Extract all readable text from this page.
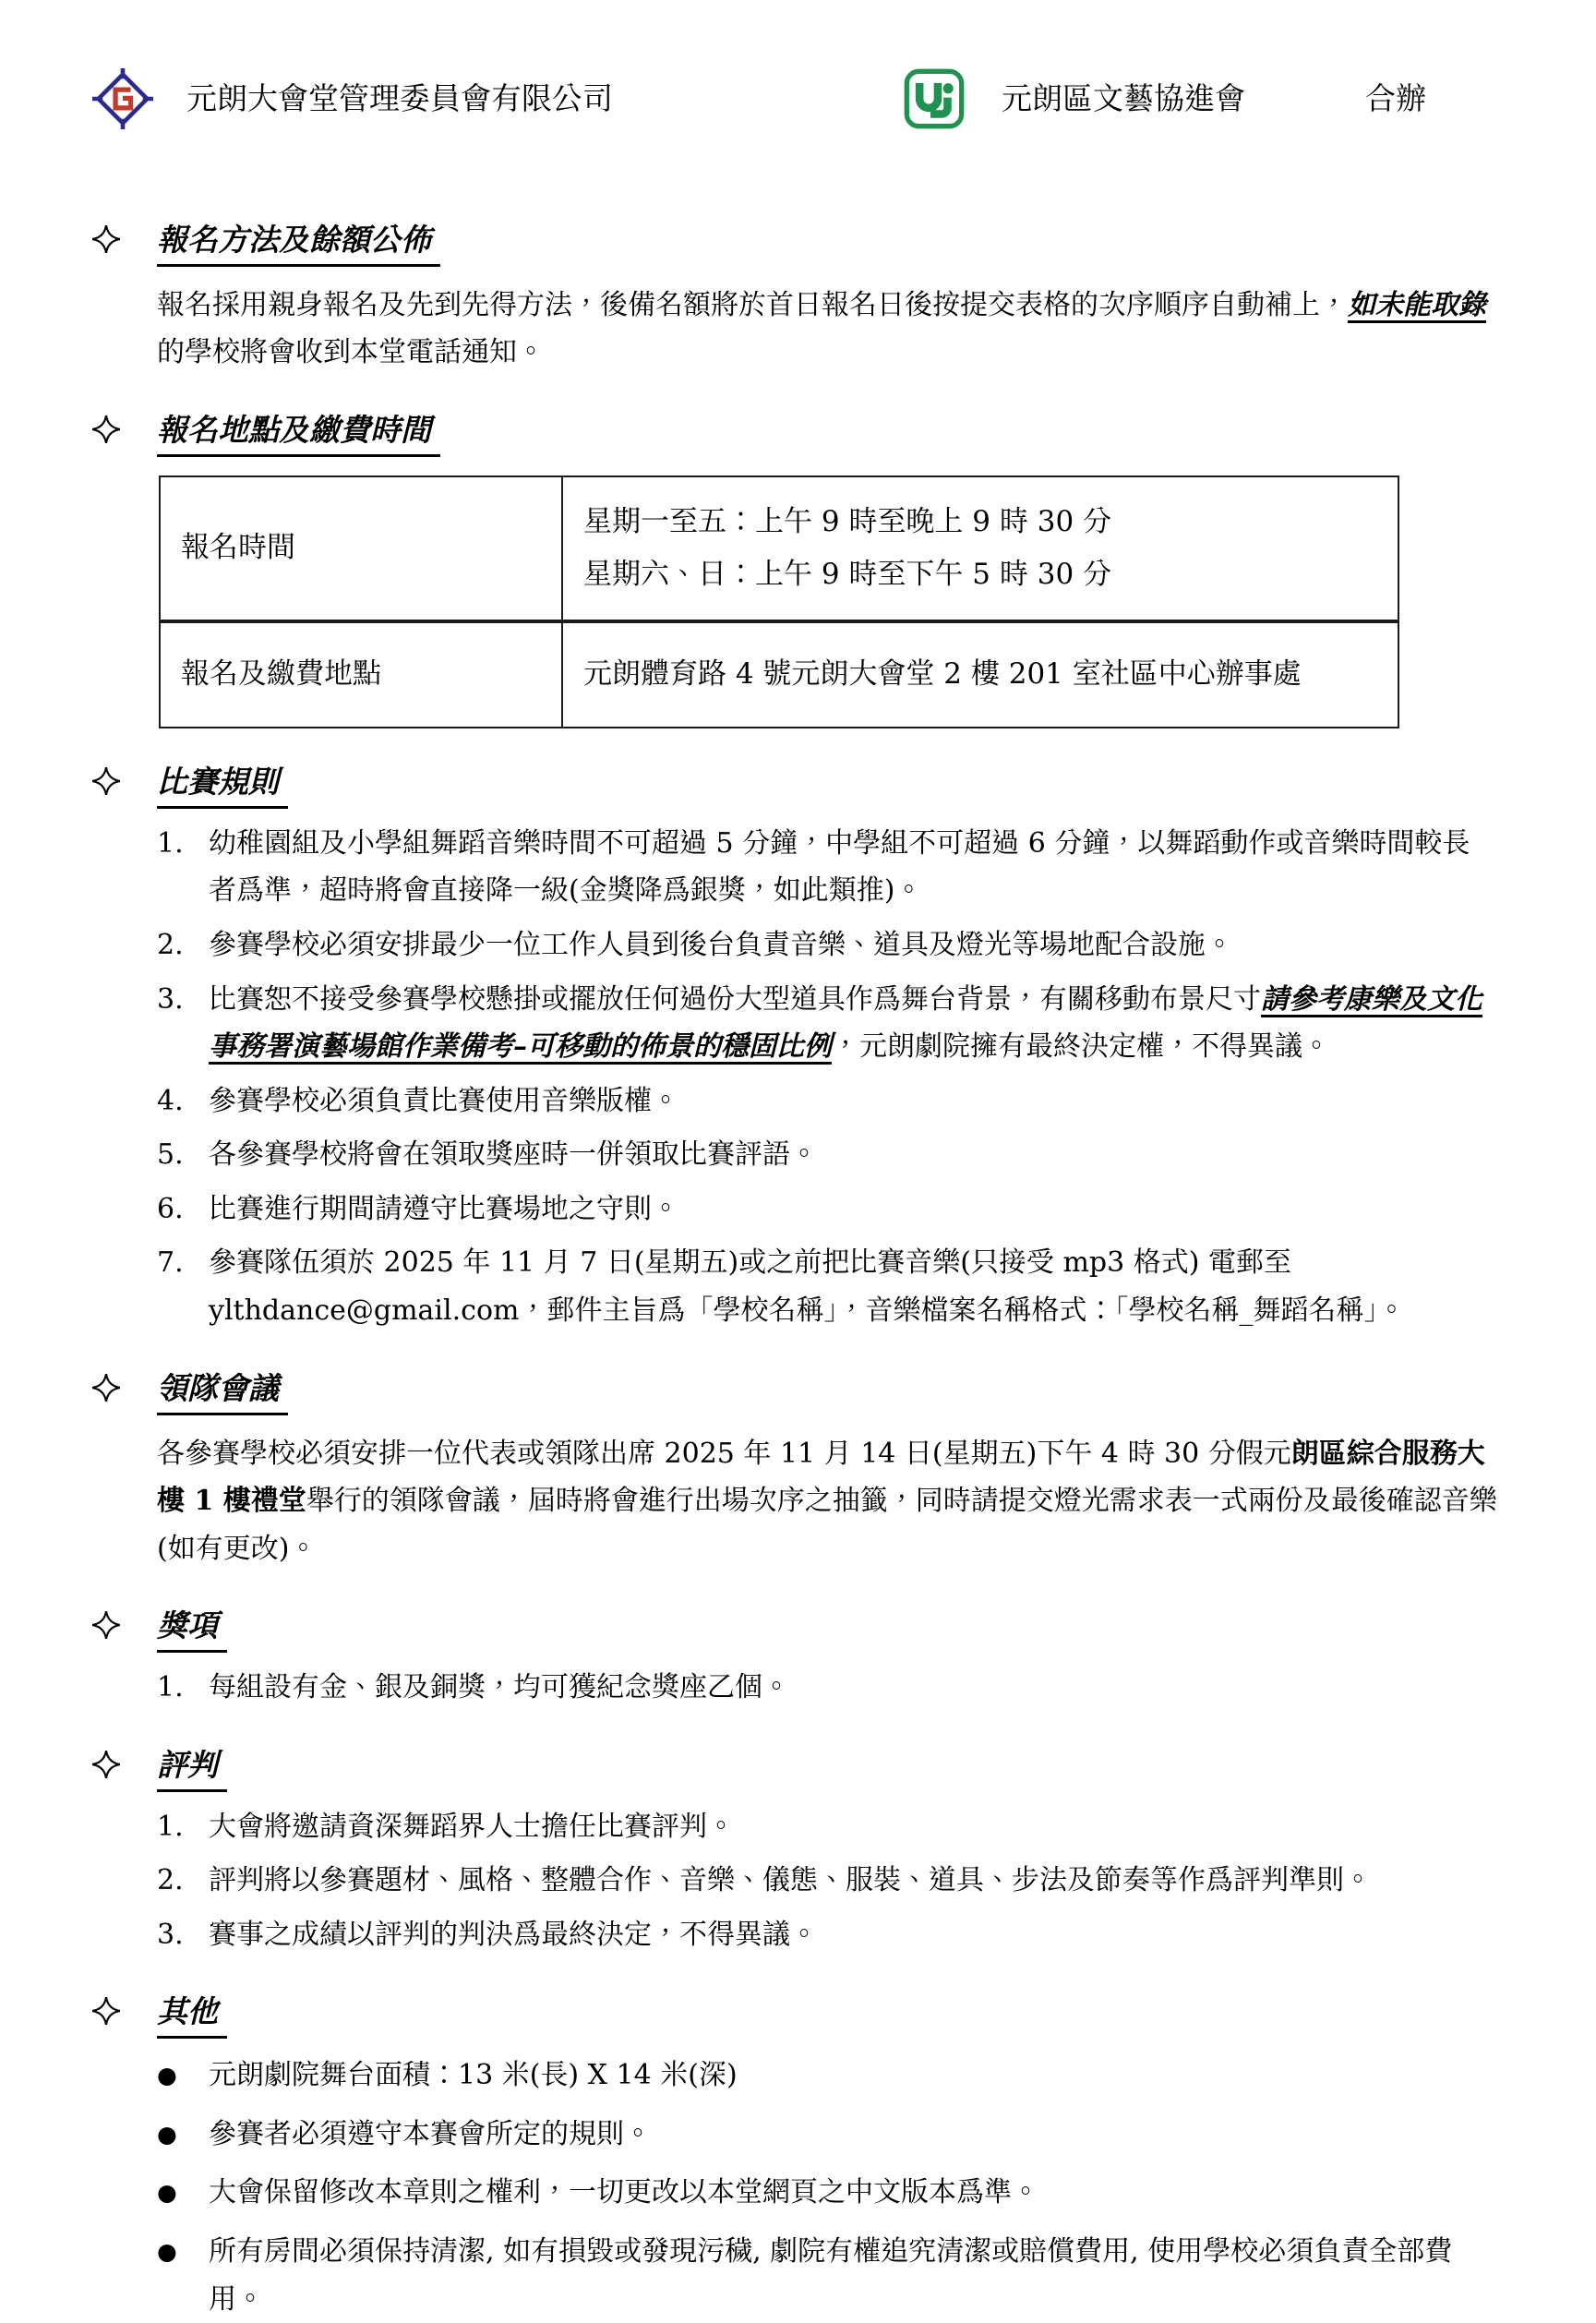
元朗大會堂管理委員會有限公司	元朗區文藝協進會	合辦
報名方法及餘額公佈

報名採用親身報名及先到先得方法，後備名額將於首日報名日後按提交表格的次序順序自動補上，如未能取錄 的學校將會收到本堂電話通知。

報名地點及繳費時間
報名時間	星期一至五：上午 9 時至晚上 9 時 30 分
星期六、日：上午 9 時至下午 5 時 30 分

報名及繳費地點	元朗體育路 4 號元朗大會堂 2 樓 201 室社區中心辦事處
比賽規則
1. 幼稚園組及小學組舞蹈音樂時間不可超過 5 分鐘，中學組不可超過 6 分鐘，以舞蹈動作或音樂時間較長者爲準，超時將會直接降一級(金獎降爲銀獎，如此類推)。
2. 參賽學校必須安排最少一位工作人員到後台負責音樂、道具及燈光等場地配合設施。
3. 比賽恕不接受參賽學校懸掛或擺放任何過份大型道具作爲舞台背景，有關移動布景尺寸請參考康樂及文化事務署演藝場館作業備考–可移動的佈景的穩固比例，元朗劇院擁有最終決定權，不得異議。
4. 參賽學校必須負責比賽使用音樂版權。
5. 各參賽學校將會在領取獎座時一併領取比賽評語。
6. 比賽進行期間請遵守比賽場地之守則。
7. 參賽隊伍須於 2025 年 11 月 7 日(星期五)或之前把比賽音樂(只接受 mp3 格式) 電郵至 ylthdance@gmail.com，郵件主旨爲「學校名稱」，音樂檔案名稱格式：「學校名稱_舞蹈名稱」。
領隊會議

各參賽學校必須安排一位代表或領隊出席 2025 年 11 月 14 日(星期五)下午 4 時 30 分假元朗區綜合服務大樓 1 樓禮堂舉行的領隊會議，屆時將會進行出場次序之抽籤，同時請提交燈光需求表一式兩份及最後確認音樂(如有更改)。

獎項
1. 每組設有金、銀及銅獎，均可獲紀念獎座乙個。
評判
1. 大會將邀請資深舞蹈界人士擔任比賽評判。
2. 評判將以參賽題材、風格、整體合作、音樂、儀態、服裝、道具、步法及節奏等作爲評判準則。
3. 賽事之成績以評判的判決爲最終決定，不得異議。
其他
●	元朗劇院舞台面積：13 米(長) X 14 米(深)
●	參賽者必須遵守本賽會所定的規則。
●	大會保留修改本章則之權利，一切更改以本堂網頁之中文版本爲準。
●	所有房間必須保持清潔, 如有損毀或發現污穢, 劇院有權追究清潔或賠償費用, 使用學校必須負責全部費用。
